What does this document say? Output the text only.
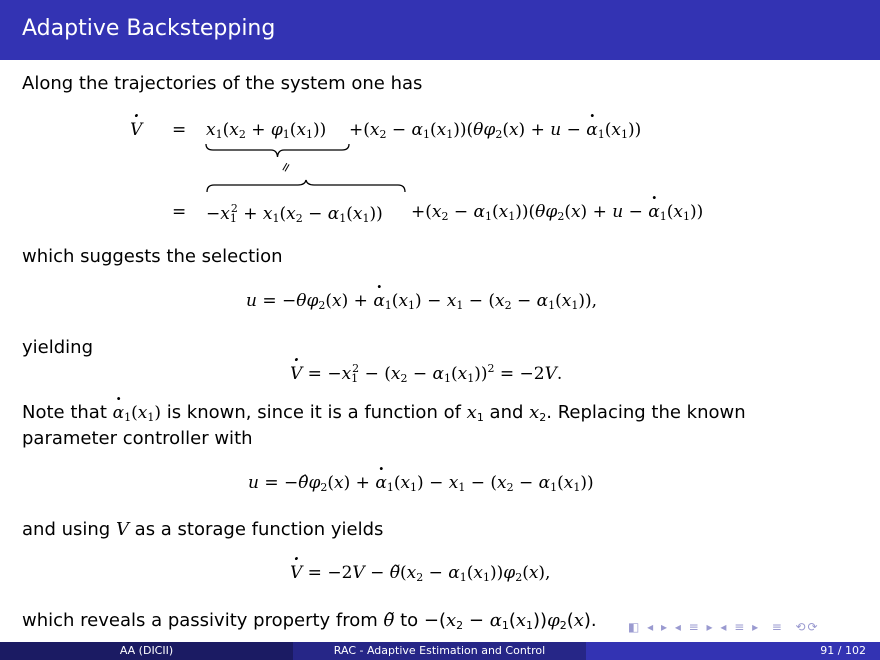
Adaptive Backstepping
Along the trajectories of the system one has
· $V = x_1(x_2 + \varphi_1(x_1)) +(x_2 - \alpha_1(x_1))(\theta\varphi_2(x) + u$ − · $\alpha_1(x_1)$)
=
= $-x_1^2 + x_1(x_2 - \alpha_1(x_1)) +(x_2 - \alpha_1(x_1))(\theta\varphi_2(x) + u$ − · $\alpha_1(x_1)$)
which suggests the selection
$u = -\theta\varphi_2(x)$ + · $\alpha_1(x_1) - x_1 - (x_2 - \alpha_1(x_1))$,
yielding
· $V = -x_1^2 - (x_2 - \alpha_1(x_1))^2 = -2V$.
Note that · $\alpha_1(x_1)$ is known, since it is a function of $x_1$ and $x_2$. Replacing the known
parameter controller with
$u = -\thetâ\varphi_2(x)$ + · $\alpha_1(x_1) - x_1 - (x_2 - \alpha_1(x_1))$
and using V as a storage function yields
· $V = -2V - \thetã(x_2 - \alpha_1(x_1))\varphi_2(x)$,
which reveals a passivity property from θ̃ to $-(x_2 - \alpha_1(x_1))\varphi_2(x)$.	◧ ◂ ▸ ◂ ≡ ▸ ◂ ≡ ▸  ≡  ⟲⟳
AA (DICII)	RAC - Adaptive Estimation and Control	91 / 102
